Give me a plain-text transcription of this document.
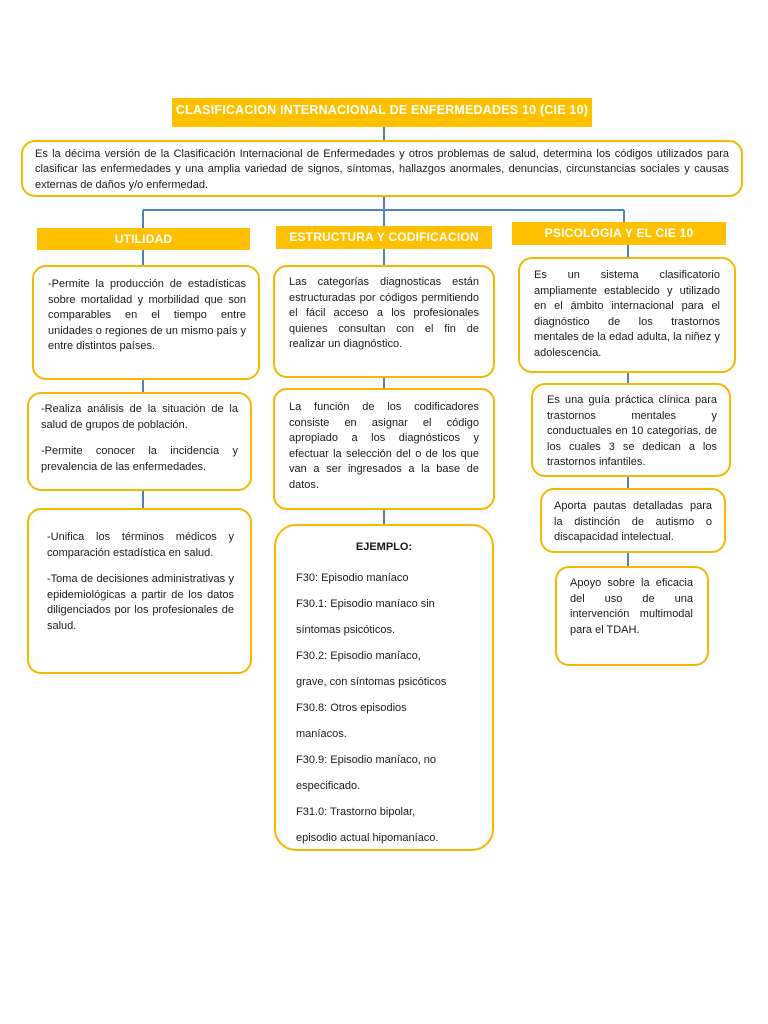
CLASIFICACION INTERNACIONAL DE ENFERMEDADES 10 (CIE 10)

Es la décima versión de la Clasificación Internacional de Enfermedades y otros problemas de salud, determina los códigos utilizados para clasificar las enfermedades y una amplia variedad de signos, síntomas, hallazgos anormales, denuncias, circunstancias sociales y causas externas de daños y/o enfermedad.

UTILIDAD	ESTRUCTURA Y CODIFICACION	PSICOLOGIA Y EL CIE 10

-Permite la producción de estadísticas sobre mortalidad y morbilidad que son comparables en el tiempo entre unidades o regiones de un mismo país y entre distintos países.

-Realiza análisis de la situación de la salud de grupos de población.

-Permite conocer la incidencia y prevalencia de las enfermedades.

-Unifica los términos médicos y comparación estadística en salud.

-Toma de decisiones administrativas y epidemiológicas a partir de los datos diligenciados por los profesionales de salud.

Las categorías diagnosticas están estructuradas por códigos permitiendo el fácil acceso a los profesionales quienes consultan con el fin de realizar un diagnóstico.

La función de los codificadores consiste en asignar el código apropiado a los diagnósticos y efectuar la selección del o de los que van a ser ingresados a la base de datos.

EJEMPLO:

F30: Episodio maníaco

F30.1: Episodio maníaco sin

síntomas psicóticos.

F30.2: Episodio maníaco,

grave, con síntomas psicóticos

F30.8: Otros episodios

maníacos.

F30.9: Episodio maníaco, no

especificado.

F31.0: Trastorno bipolar,

episodio actual hipomaníaco.

Es un sistema clasificatorio ampliamente establecido y utilizado en el ámbito internacional para el diagnóstico de los trastornos mentales de la edad adulta, la niñez y adolescencia.

Es una guía práctica clínica para trastornos mentales y conductuales en 10 categorías, de los cuales 3 se dedican a los trastornos infantiles.

Aporta pautas detalladas para la distinción de autismo o discapacidad intelectual.

Apoyo sobre la eficacia del uso de una intervención multimodal para el TDAH.
